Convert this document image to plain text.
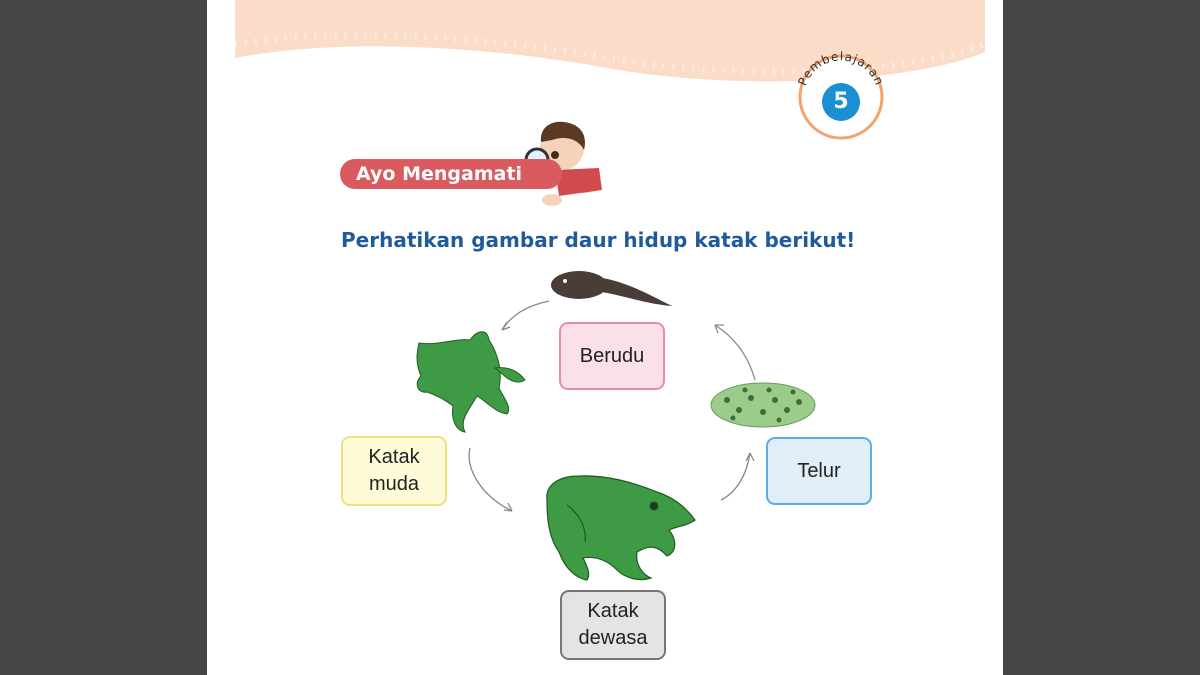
Pembelajaran
5
Ayo Mengamati
Perhatikan gambar daur hidup katak berikut!
Berudu
Telur
Katak
dewasa
Katak
muda
